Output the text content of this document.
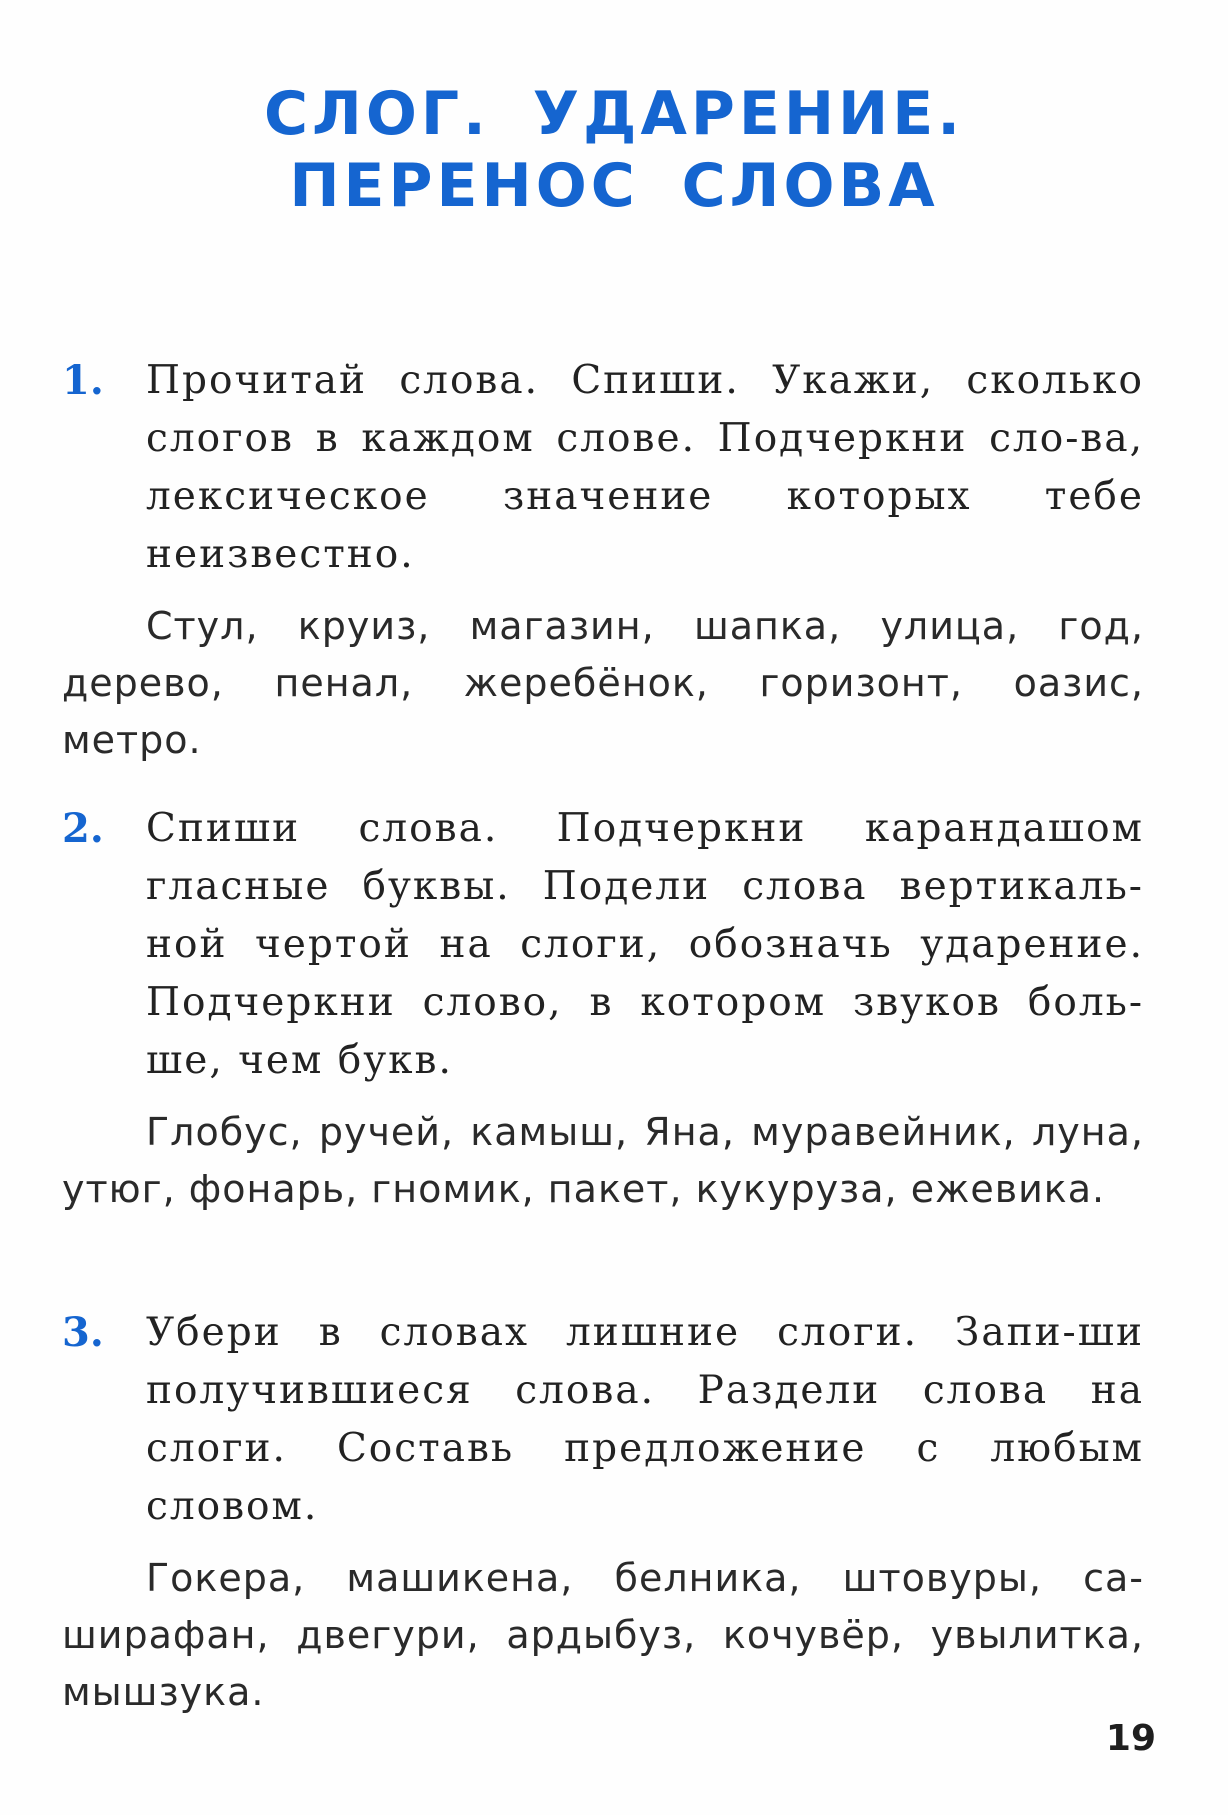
СЛОГ. УДАРЕНИЕ.
ПЕРЕНОС СЛОВА
1. Прочитай слова. Спиши. Укажи, сколько слогов в каждом слове. Подчеркни сло-ва, лексическое значение которых тебе неизвестно.
Стул, круиз, магазин, шапка, улица, год, дерево, пенал, жеребёнок, горизонт, оазис, метро.
2. Спиши слова. Подчеркни карандашом гласные буквы. Подели слова вертикаль-ной чертой на слоги, обозначь ударение. Подчеркни слово, в котором звуков боль-ше, чем букв.
Глобус, ручей, камыш, Яна, муравейник, луна, утюг, фонарь, гномик, пакет, кукуруза, ежевика.
3. Убери в словах лишние слоги. Запи-ши получившиеся слова. Раздели слова на слоги. Составь предложение с любым словом.
Гокера, машикена, белника, штовуры, са-ширафан, двегури, ардыбуз, кочувёр, увылитка, мышзука.
19
